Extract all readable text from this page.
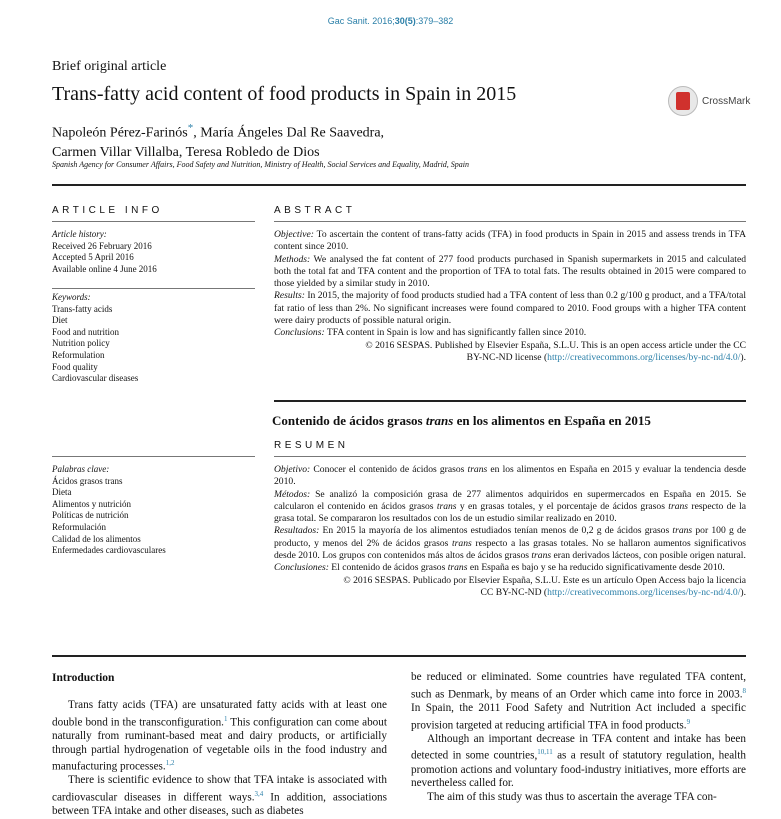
Gac Sanit. 2016;30(5):379–382
Brief original article
Trans-fatty acid content of food products in Spain in 2015
Napoleón Pérez-Farinós*, María Ángeles Dal Re Saavedra,
Carmen Villar Villalba, Teresa Robledo de Dios
Spanish Agency for Consumer Affairs, Food Safety and Nutrition, Ministry of Health, Social Services and Equality, Madrid, Spain
CrossMark
ARTICLE INFO
Article history:
Received 26 February 2016
Accepted 5 April 2016
Available online 4 June 2016
Keywords:
Trans-fatty acids
Diet
Food and nutrition
Nutrition policy
Reformulation
Food quality
Cardiovascular diseases
ABSTRACT

Objective: To ascertain the content of trans-fatty acids (TFA) in food products in Spain in 2015 and assess trends in TFA content since 2010.

Methods: We analysed the fat content of 277 food products purchased in Spanish supermarkets in 2015 and calculated both the total fat and TFA content and the proportion of TFA to total fats. The results obtained in 2015 were compared to those yielded by a similar study in 2010.

Results: In 2015, the majority of food products studied had a TFA content of less than 0.2 g/100 g product, and a TFA/total fat ratio of less than 2%. No significant increases were found compared to 2010. Food groups with a higher TFA content were dairy products of possible natural origin.

Conclusions: TFA content in Spain is low and has significantly fallen since 2010.

© 2016 SESPAS. Published by Elsevier España, S.L.U. This is an open access article under the CC

BY-NC-ND license (http://creativecommons.org/licenses/by-nc-nd/4.0/).

Contenido de ácidos grasos trans en los alimentos en España en 2015
RESUMEN
Palabras clave:
Ácidos grasos trans
Dieta
Alimentos y nutrición
Políticas de nutrición
Reformulación
Calidad de los alimentos
Enfermedades cardiovasculares

Objetivo: Conocer el contenido de ácidos grasos trans en los alimentos en España en 2015 y evaluar la tendencia desde 2010.

Métodos: Se analizó la composición grasa de 277 alimentos adquiridos en supermercados en España en 2015. Se calcularon el contenido en ácidos grasos trans y en grasas totales, y el porcentaje de ácidos grasos trans respecto de la grasa total. Se compararon los resultados con los de un estudio similar realizado en 2010.

Resultados: En 2015 la mayoría de los alimentos estudiados tenían menos de 0,2 g de ácidos grasos trans por 100 g de producto, y menos del 2% de ácidos grasos trans respecto a las grasas totales. No se hallaron aumentos significativos desde 2010. Los grupos con contenidos más altos de ácidos grasos trans eran derivados lácteos, con posible origen natural.

Conclusiones: El contenido de ácidos grasos trans en España es bajo y se ha reducido significativamente desde 2010.

© 2016 SESPAS. Publicado por Elsevier España, S.L.U. Este es un artículo Open Access bajo la licencia

CC BY-NC-ND (http://creativecommons.org/licenses/by-nc-nd/4.0/).

Introduction

Trans fatty acids (TFA) are unsaturated fatty acids with at least one double bond in the transconfiguration.$^1$ This configuration can come about naturally from ruminant-based meat and dairy products, or artificially through partial hydrogenation of vegetable oils in the food industry and manufacturing processes.$^{1,2}$

There is scientific evidence to show that TFA intake is associated with cardiovascular diseases in different ways.$^{3,4}$ In addition, associations between TFA intake and other diseases, such as diabetes

be reduced or eliminated. Some countries have regulated TFA content, such as Denmark, by means of an Order which came into force in 2003.$^8$ In Spain, the 2011 Food Safety and Nutrition Act included a specific provision targeted at reducing artificial TFA in food products.$^9$

Although an important decrease in TFA content and intake has been detected in some countries,$^{10,11}$ as a result of statutory regulation, health promotion actions and voluntary food-industry initiatives, more efforts are nevertheless called for.

The aim of this study was thus to ascertain the average TFA con-
